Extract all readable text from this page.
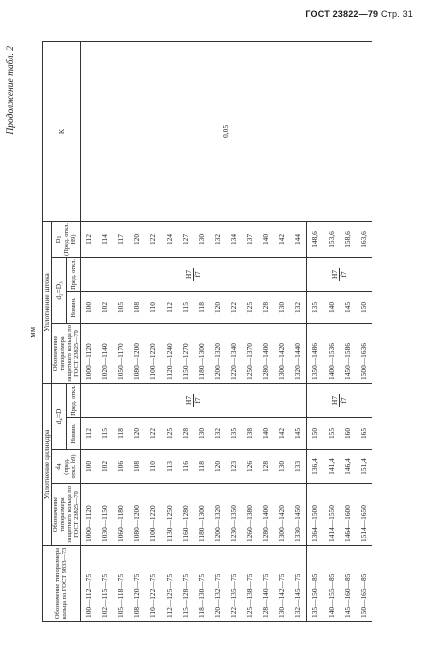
ГОСТ 23822—79 Стр. 31
Продолжение табл. 2
мм
Обозначение типоразмера кольца по ГОСТ 9833—73	Уплотнение цилиндра				Уплотнение штока				K
	Обозначение типоразмера защитного кольца по ГОСТ 23825—79	d4
(пред. откл. h9)	d₄=D		Обозначение типоразмера защитного кольца по ГОСТ 23825—79	d₂=D₃		D1
(Пред. откл. H9)	
			Номин.	Пред. откл.		Номин.	Пред. откл.		
100—112—75	1000—1120	100	112	H7 f7	1000—1120	100	H7 f7	112	0,05
102—115—75	1030—1150	102	115		1020—1140	102		114	
105—118—75	1060—1180	106	118		1050—1170	105		117	
108—120—75	1080—1200	108	120		1080—1200	108		120	
110—122—75	1100—1220	110	122		1100—1220	110		122	
112—125—75	1130—1250	113	125		1120—1240	112		124	
115—128—75	1160—1280	116	128		1150—1270	115		127	
118—130—75	1180—1300	118	130		1180—1300	118		130	
120—132—75	1200—1320	120	132		1200—1320	120		132	
122—135—75	1230—1350	123	135		1220—1340	122		134	
125—138—75	1260—1380	126	138		1250—1370	125		137	
128—140—75	1280—1400	128	140		1280—1400	128		140	
130—142—75	1300—1420	130	142		1300—1420	130		142	
132—145—75	1330—1450	133	145		1320—1440	132		144	
135—150—85	1364—1500	136,4	150	H7 f7	1350—1486	135	H7 f7	148,6	
140—155—85	1414—1550	141,4	155		1400—1536	140		153,6	
145—160—85	1464—1600	146,4	160		1450—1586	145		158,6	
150—165—85	1514—1650	151,4	165		1500—1636	150		163,6	
